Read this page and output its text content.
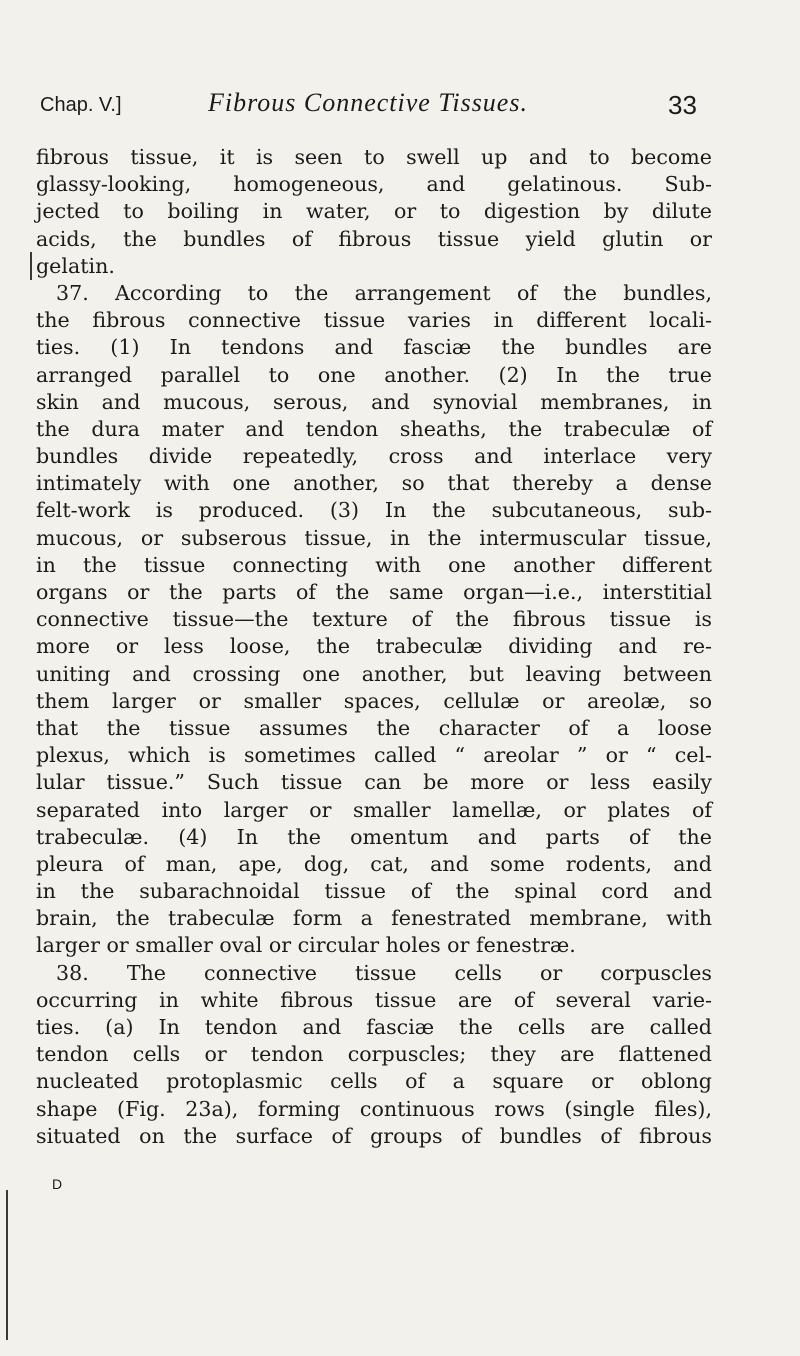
Chap. V.]	Fibrous Connective Tissues.	33
fibrous tissue, it is seen to swell up and to become
glassy-looking, homogeneous, and gelatinous. Sub-
jected to boiling in water, or to digestion by dilute
acids, the bundles of fibrous tissue yield glutin or
gelatin.
37. According to the arrangement of the bundles,
the fibrous connective tissue varies in different locali-
ties. (1) In tendons and fasciæ the bundles are
arranged parallel to one another. (2) In the true
skin and mucous, serous, and synovial membranes, in
the dura mater and tendon sheaths, the trabeculæ of
bundles divide repeatedly, cross and interlace very
intimately with one another, so that thereby a dense
felt-work is produced. (3) In the subcutaneous, sub-
mucous, or subserous tissue, in the intermuscular tissue,
in the tissue connecting with one another different
organs or the parts of the same organ—i.e., interstitial
connective tissue—the texture of the fibrous tissue is
more or less loose, the trabeculæ dividing and re-
uniting and crossing one another, but leaving between
them larger or smaller spaces, cellulæ or areolæ, so
that the tissue assumes the character of a loose
plexus, which is sometimes called “ areolar ” or “ cel-
lular tissue.” Such tissue can be more or less easily
separated into larger or smaller lamellæ, or plates of
trabeculæ. (4) In the omentum and parts of the
pleura of man, ape, dog, cat, and some rodents, and
in the subarachnoidal tissue of the spinal cord and
brain, the trabeculæ form a fenestrated membrane, with
larger or smaller oval or circular holes or fenestræ.
38. The connective tissue cells or corpuscles
occurring in white fibrous tissue are of several varie-
ties. (a) In tendon and fasciæ the cells are called
tendon cells or tendon corpuscles; they are flattened
nucleated protoplasmic cells of a square or oblong
shape (Fig. 23a), forming continuous rows (single files),
situated on the surface of groups of bundles of fibrous
D
